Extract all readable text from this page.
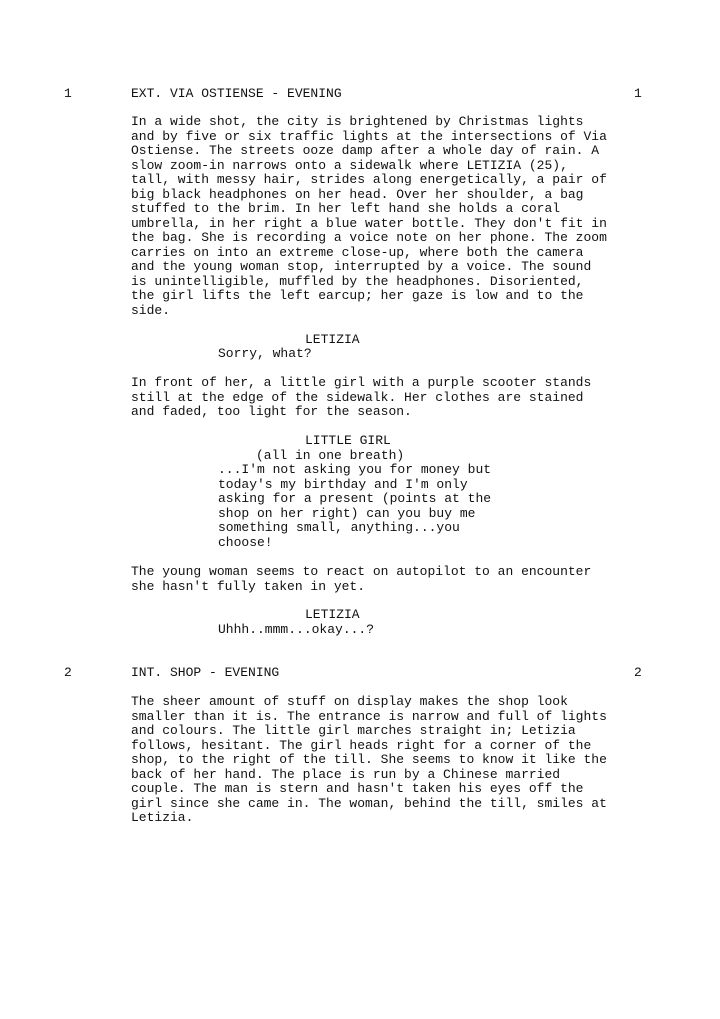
1	EXT. VIA OSTIENSE - EVENING	1
In a wide shot, the city is brightened by Christmas lights
and by five or six traffic lights at the intersections of Via
Ostiense. The streets ooze damp after a whole day of rain. A
slow zoom-in narrows onto a sidewalk where LETIZIA (25),
tall, with messy hair, strides along energetically, a pair of
big black headphones on her head. Over her shoulder, a bag
stuffed to the brim. In her left hand she holds a coral
umbrella, in her right a blue water bottle. They don't fit in
the bag. She is recording a voice note on her phone. The zoom
carries on into an extreme close-up, where both the camera
and the young woman stop, interrupted by a voice. The sound
is unintelligible, muffled by the headphones. Disoriented,
the girl lifts the left earcup; her gaze is low and to the
side.
LETIZIA
Sorry, what?
In front of her, a little girl with a purple scooter stands
still at the edge of the sidewalk. Her clothes are stained
and faded, too light for the season.
LITTLE GIRL
(all in one breath)
...I'm not asking you for money but
today's my birthday and I'm only
asking for a present (points at the
shop on her right) can you buy me
something small, anything...you
choose!
The young woman seems to react on autopilot to an encounter
she hasn't fully taken in yet.
LETIZIA
Uhhh..mmm...okay...?
2	INT. SHOP - EVENING	2
The sheer amount of stuff on display makes the shop look
smaller than it is. The entrance is narrow and full of lights
and colours. The little girl marches straight in; Letizia
follows, hesitant. The girl heads right for a corner of the
shop, to the right of the till. She seems to know it like the
back of her hand. The place is run by a Chinese married
couple. The man is stern and hasn't taken his eyes off the
girl since she came in. The woman, behind the till, smiles at
Letizia.
